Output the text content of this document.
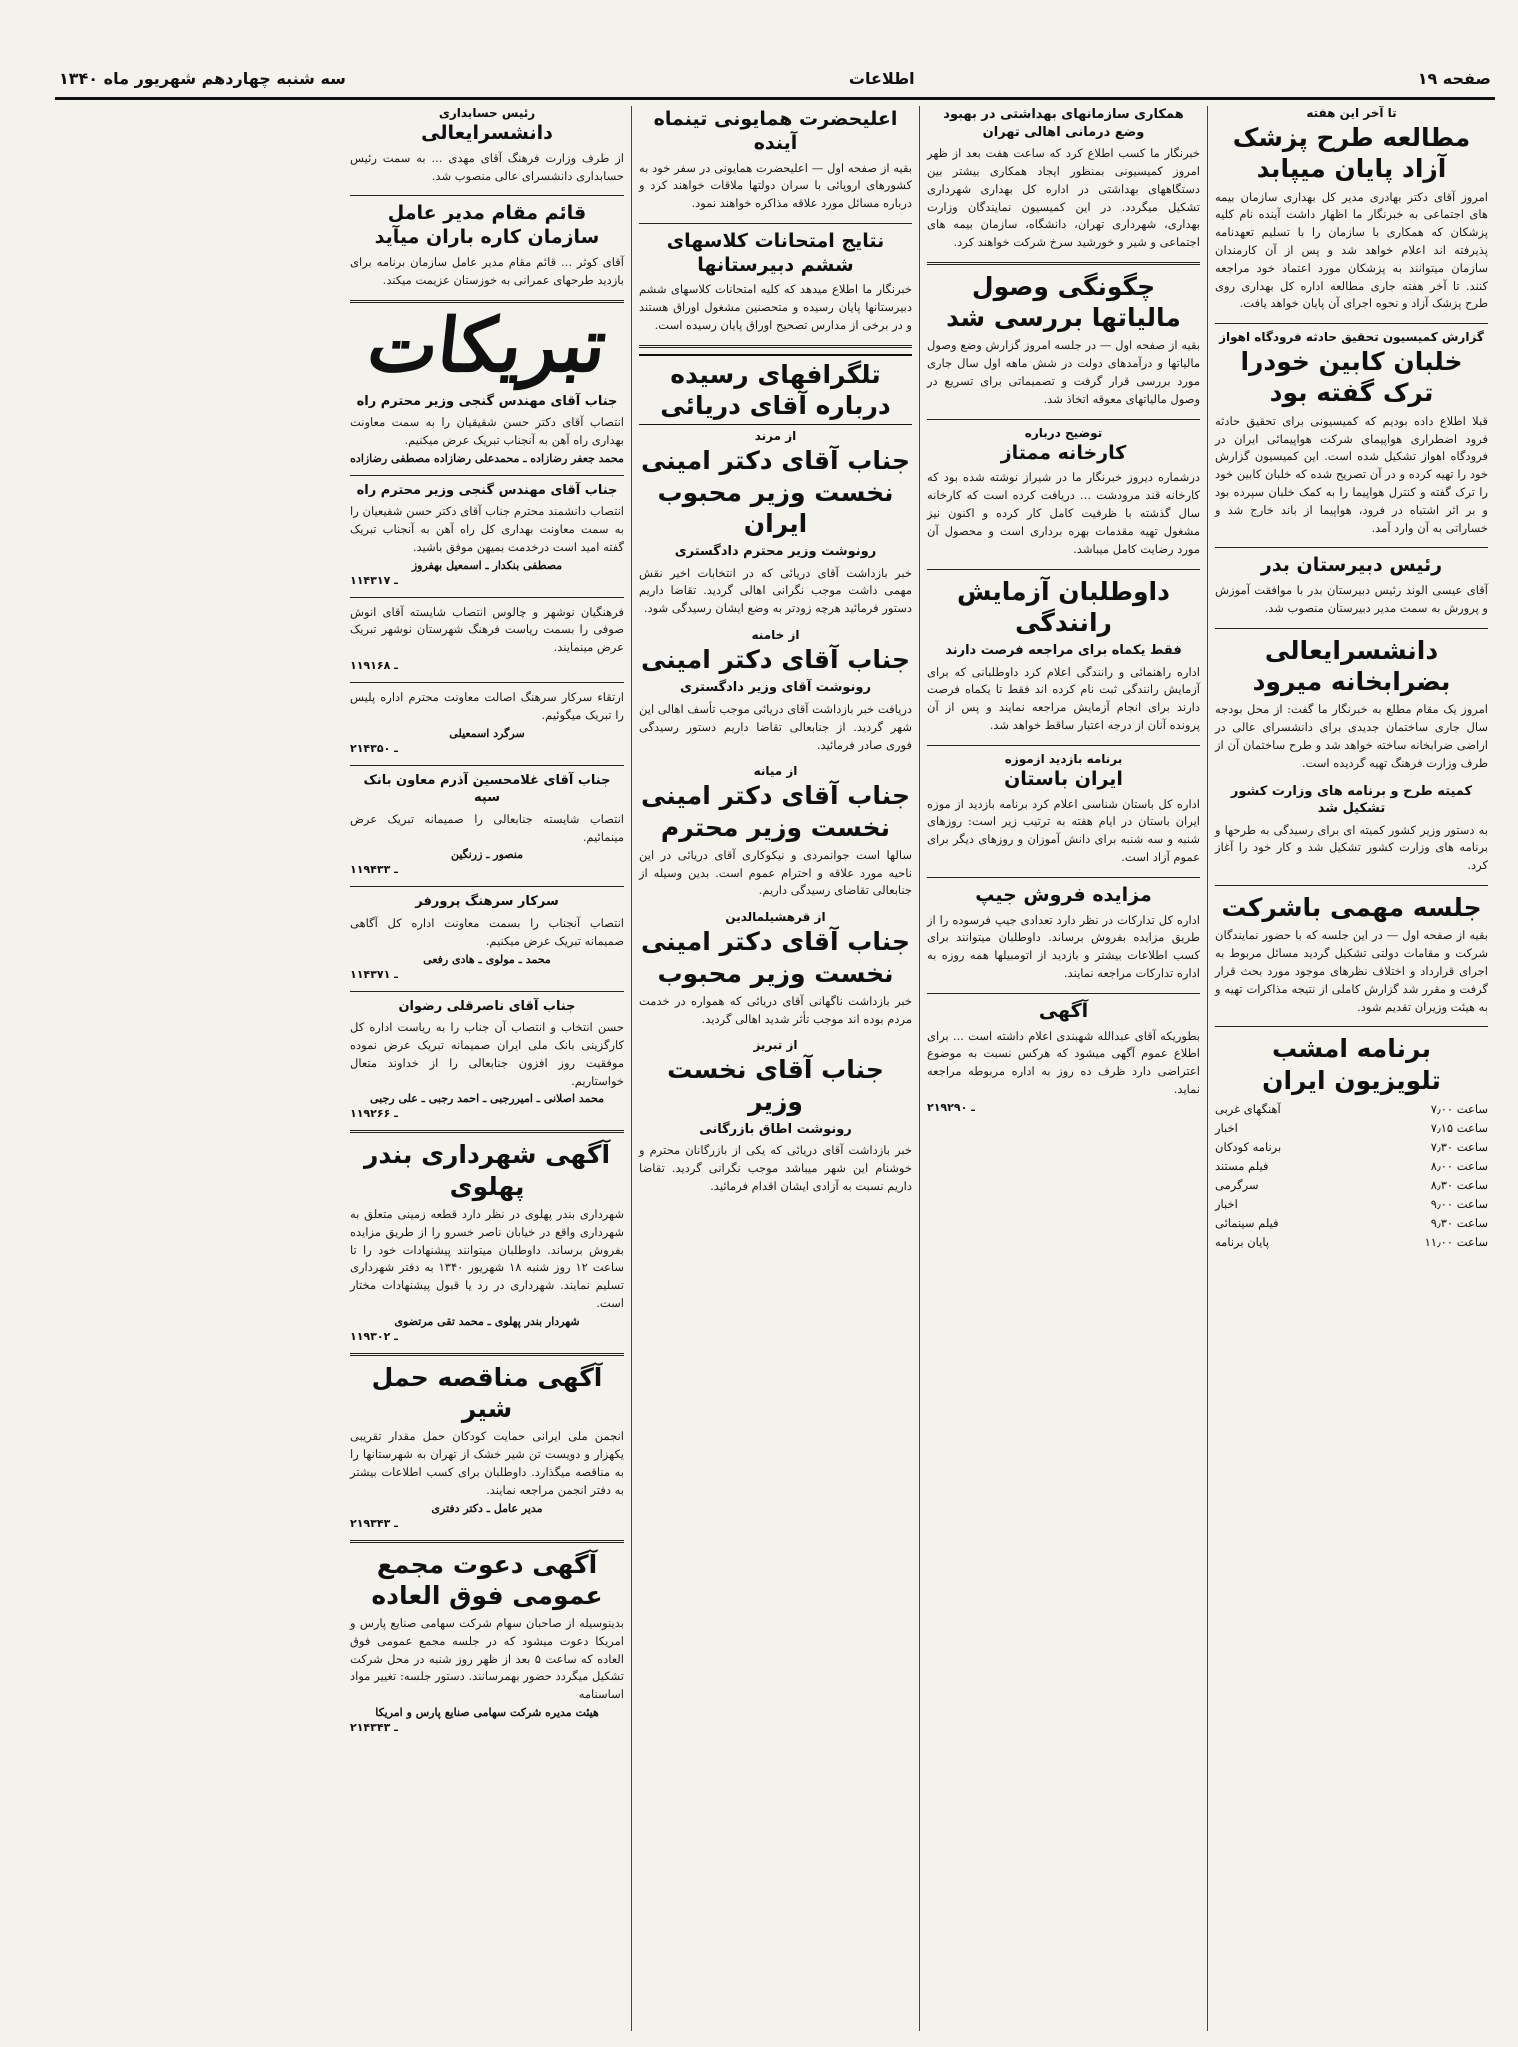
صفحه ۱۹
اطلاعات
سه شنبه چهاردهم شهریور ماه ۱۳۴۰
تا آخر این هفته
مطالعه طرح پزشک آزاد پایان میپابد
امروز آقای دکتر بهادری مدیر کل بهداری سازمان بیمه های اجتماعی به خبرنگار ما اظهار داشت آینده نام کلیه پزشکان که همکاری با سازمان را با تسلیم تعهدنامه پذیرفته اند اعلام خواهد شد و پس از آن کارمندان سازمان میتوانند به پزشکان مورد اعتماد خود مراجعه کنند. تا آخر هفته جاری مطالعه اداره کل بهداری روی طرح پزشک آزاد و نحوه اجرای آن پایان خواهد یافت.
گزارش کمیسیون تحقیق حادثه فرودگاه اهواز
خلبان کابین خودرا ترک گفته بود
قبلا اطلاع داده بودیم که کمیسیونی برای تحقیق حادثه فرود اضطراری هواپیمای شرکت هواپیمائی ایران در فرودگاه اهواز تشکیل شده است. این کمیسیون گزارش خود را تهیه کرده و در آن تصریح شده که خلبان کابین خود را ترک گفته و کنترل هواپیما را به کمک خلبان سپرده بود و بر اثر اشتباه در فرود، هواپیما از باند خارج شد و خساراتی به آن وارد آمد.
رئیس دبیرستان بدر
آقای عیسی الوند رئیس دبیرستان بدر با موافقت آموزش و پرورش به سمت مدیر دبیرستان منصوب شد.
دانشسرایعالی بضرابخانه میرود
امروز یک مقام مطلع به خبرنگار ما گفت: از محل بودجه سال جاری ساختمان جدیدی برای دانشسرای عالی در اراضی ضرابخانه ساخته خواهد شد و طرح ساختمان آن از طرف وزارت فرهنگ تهیه گردیده است.
کمیته طرح و برنامه های وزارت کشور تشکیل شد
به دستور وزیر کشور کمیته ای برای رسیدگی به طرحها و برنامه های وزارت کشور تشکیل شد و کار خود را آغاز کرد.
جلسه مهمی باشرکت
بقیه از صفحه اول — در این جلسه که با حضور نمایندگان شرکت و مقامات دولتی تشکیل گردید مسائل مربوط به اجرای قرارداد و اختلاف نظرهای موجود مورد بحث قرار گرفت و مقرر شد گزارش کاملی از نتیجه مذاکرات تهیه و به هیئت وزیران تقدیم شود.
برنامه امشب تلویزیون ایران
ساعت ۷٫۰۰
آهنگهای غربی
ساعت ۷٫۱۵
اخبار
ساعت ۷٫۳۰
برنامه کودکان
ساعت ۸٫۰۰
فیلم مستند
ساعت ۸٫۳۰
سرگرمی
ساعت ۹٫۰۰
اخبار
ساعت ۹٫۳۰
فیلم سینمائی
ساعت ۱۱٫۰۰
پایان برنامه
همکاری سازمانهای بهداشتی در بهبود وضع درمانی اهالی تهران
خبرنگار ما کسب اطلاع کرد که ساعت هفت بعد از ظهر امروز کمیسیونی بمنظور ایجاد همکاری بیشتر بین دستگاههای بهداشتی در اداره کل بهداری شهرداری تشکیل میگردد. در این کمیسیون نمایندگان وزارت بهداری، شهرداری تهران، دانشگاه، سازمان بیمه های اجتماعی و شیر و خورشید سرخ شرکت خواهند کرد.
چگونگی وصول مالیاتها بررسی شد
بقیه از صفحه اول — در جلسه امروز گزارش وضع وصول مالیاتها و درآمدهای دولت در شش ماهه اول سال جاری مورد بررسی قرار گرفت و تصمیماتی برای تسریع در وصول مالیاتهای معوقه اتخاذ شد.
توضیح درباره
کارخانه ممتاز
درشماره دیروز خبرنگار ما در شیراز نوشته شده بود که کارخانه قند مرودشت ... دریافت کرده است که کارخانه سال گذشته با ظرفیت کامل کار کرده و اکنون نیز مشغول تهیه مقدمات بهره برداری است و محصول آن مورد رضایت کامل میباشد.
داوطلبان آزمایش رانندگی
فقط یکماه برای مراجعه فرصت دارند
اداره راهنمائی و رانندگی اعلام کرد داوطلبانی که برای آزمایش رانندگی ثبت نام کرده اند فقط تا یکماه فرصت دارند برای انجام آزمایش مراجعه نمایند و پس از آن پرونده آنان از درجه اعتبار ساقط خواهد شد.
برنامه بازدید ازموزه
ایران باستان
اداره کل باستان شناسی اعلام کرد برنامه بازدید از موزه ایران باستان در ایام هفته به ترتیب زیر است: روزهای شنبه و سه شنبه برای دانش آموزان و روزهای دیگر برای عموم آزاد است.
مزایده فروش جیپ
اداره کل تدارکات در نظر دارد تعدادی جیپ فرسوده را از طریق مزایده بفروش برساند. داوطلبان میتوانند برای کسب اطلاعات بیشتر و بازدید از اتومبیلها همه روزه به اداره تدارکات مراجعه نمایند.
آگهی
بطوریکه آقای عبدالله شهبندی اعلام داشته است ... برای اطلاع عموم آگهی میشود که هرکس نسبت به موضوع اعتراضی دارد ظرف ده روز به اداره مربوطه مراجعه نماید.
۲ـ ۱۹۲۹۰
اعلیحضرت همایونی تینماه آینده
بقیه از صفحه اول — اعلیحضرت همایونی در سفر خود به کشورهای اروپائی با سران دولتها ملاقات خواهند کرد و درباره مسائل مورد علاقه مذاکره خواهند نمود.
نتایج امتحانات کلاسهای ششم دبیرستانها
خبرنگار ما اطلاع میدهد که کلیه امتحانات کلاسهای ششم دبیرستانها پایان رسیده و متحصنین مشغول اوراق هستند و در برخی از مدارس تصحیح اوراق پایان رسیده است.
تلگرافهای رسیده درباره آقای دریائی
از مرند
جناب آقای دکتر امینی نخست وزیر محبوب ایران
رونوشت وزیر محترم دادگستری
خبر بازداشت آقای دریائی که در انتخابات اخیر نقش مهمی داشت موجب نگرانی اهالی گردید. تقاضا داریم دستور فرمائید هرچه زودتر به وضع ایشان رسیدگی شود.
از خامنه
جناب آقای دکتر امینی
رونوشت آقای وزیر دادگستری
دریافت خبر بازداشت آقای دریائی موجب تأسف اهالی این شهر گردید. از جنابعالی تقاضا داریم دستور رسیدگی فوری صادر فرمائید.
از میانه
جناب آقای دکتر امینی نخست وزیر محترم
سالها است جوانمردی و نیکوکاری آقای دریائی در این ناحیه مورد علاقه و احترام عموم است. بدین وسیله از جنابعالی تقاضای رسیدگی داریم.
از قرهشیلمالدین
جناب آقای دکتر امینی نخست وزیر محبوب
خبر بازداشت ناگهانی آقای دریائی که همواره در خدمت مردم بوده اند موجب تأثر شدید اهالی گردید.
از تبریز
جناب آقای نخست وزیر
رونوشت اطاق بازرگانی
خبر بازداشت آقای دریائی که یکی از بازرگانان محترم و خوشنام این شهر میباشد موجب نگرانی گردید. تقاضا داریم نسبت به آزادی ایشان اقدام فرمائید.
رئیس حسابداری
دانشسرایعالی
از طرف وزارت فرهنگ آقای مهدی ... به سمت رئیس حسابداری دانشسرای عالی منصوب شد.
قائم مقام مدیر عامل سازمان کاره باران میآید
آقای کوثر ... قائم مقام مدیر عامل سازمان برنامه برای بازدید طرحهای عمرانی به خوزستان عزیمت میکند.
تبریکات
جناب آقای مهندس گنجی وزیر محترم راه
انتصاب آقای دکتر حسن شقیقیان را به سمت معاونت بهداری راه آهن به آنجناب تبریک عرض میکنیم.
محمد جعفر رضازاده ـ محمدعلی رضازاده مصطفی رضازاده
جناب آقای مهندس گنجی وزیر محترم راه
انتصاب دانشمند محترم جناب آقای دکتر حسن شفیعیان را به سمت معاونت بهداری کل راه آهن به آنجناب تبریک گفته امید است درخدمت بمیهن موفق باشید.
مصطفی بنکدار ـ اسمعیل بهفروز
۱ـ ۱۴۳۱۷
فرهنگیان نوشهر و چالوس انتصاب شایسته آقای انوش صوفی را بسمت ریاست فرهنگ شهرستان نوشهر تبریک عرض مینمایند.
۱ـ ۱۹۱۶۸
ارتقاء سرکار سرهنگ اصالت معاونت محترم اداره پلیس را تبریک میگوئیم.
سرگرد اسمعیلی
۲ـ ۱۴۳۵۰
جناب آقای غلامحسین آذرم معاون بانک سپه
انتصاب شایسته جنابعالی را صمیمانه تبریک عرض مینمائیم.
منصور ـ زرنگین
۱ـ ۱۹۴۳۳
سرکار سرهنگ پرورفر
انتصاب آنجناب را بسمت معاونت اداره کل آگاهی صمیمانه تبریک عرض میکنیم.
محمد ـ مولوی ـ هادی رفعی
۱ـ ۱۴۳۷۱
جناب آقای ناصرقلی رضوان
حسن انتخاب و انتصاب آن جناب را به ریاست اداره کل کارگزینی بانک ملی ایران صمیمانه تبریک عرض نموده موفقیت روز افزون جنابعالی را از خداوند متعال خواستاریم.
محمد اصلانی ـ امیررجبی ـ احمد رجبی ـ علی رجبی
۱ـ ۱۹۲۶۶
آگهی شهرداری بندر پهلوی
شهرداری بندر پهلوی در نظر دارد قطعه زمینی متعلق به شهرداری واقع در خیابان ناصر خسرو را از طریق مزایده بفروش برساند. داوطلبان میتوانند پیشنهادات خود را تا ساعت ۱۲ روز شنبه ۱۸ شهریور ۱۳۴۰ به دفتر شهرداری تسلیم نمایند. شهرداری در رد یا قبول پیشنهادات مختار است.
شهردار بندر پهلوی ـ محمد تقی مرتضوی
۱ـ ۱۹۳۰۲
آگهی مناقصه حمل شیر
انجمن ملی ایرانی حمایت کودکان حمل مقدار تقریبی یکهزار و دویست تن شیر خشک از تهران به شهرستانها را به مناقصه میگذارد. داوطلبان برای کسب اطلاعات بیشتر به دفتر انجمن مراجعه نمایند.
مدیر عامل ـ دکتر دفتری
۲ـ ۱۹۳۴۳
آگهی دعوت مجمع عمومی فوق العاده
بدینوسیله از صاحبان سهام شرکت سهامی صنایع پارس و امریکا دعوت میشود که در جلسه مجمع عمومی فوق العاده که ساعت ۵ بعد از ظهر روز شنبه در محل شرکت تشکیل میگردد حضور بهمرسانند. دستور جلسه: تغییر مواد اساسنامه
هیئت مدیره شرکت سهامی صنایع پارس و امریکا
۲ـ ۱۴۳۴۳
